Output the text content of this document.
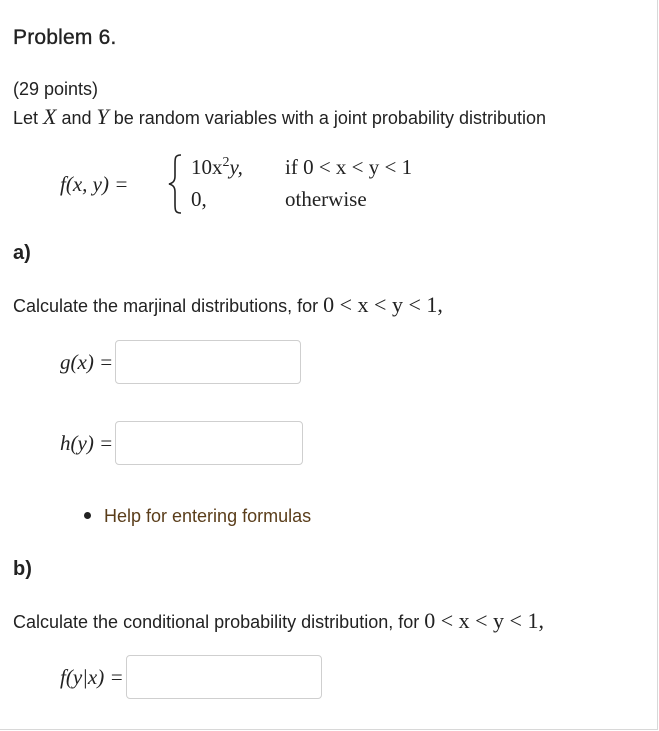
Problem 6.
(29 points)
Let X and Y be random variables with a joint probability distribution
f(x, y) =
$10x^2y$, if 0 < x < y < 1
0,	otherwise
a)
Calculate the marjinal distributions, for 0 < x < y < 1,
g(x) =
h(y) =
Help for entering formulas
b)
Calculate the conditional probability distribution, for 0 < x < y < 1,
f(y|x) =
